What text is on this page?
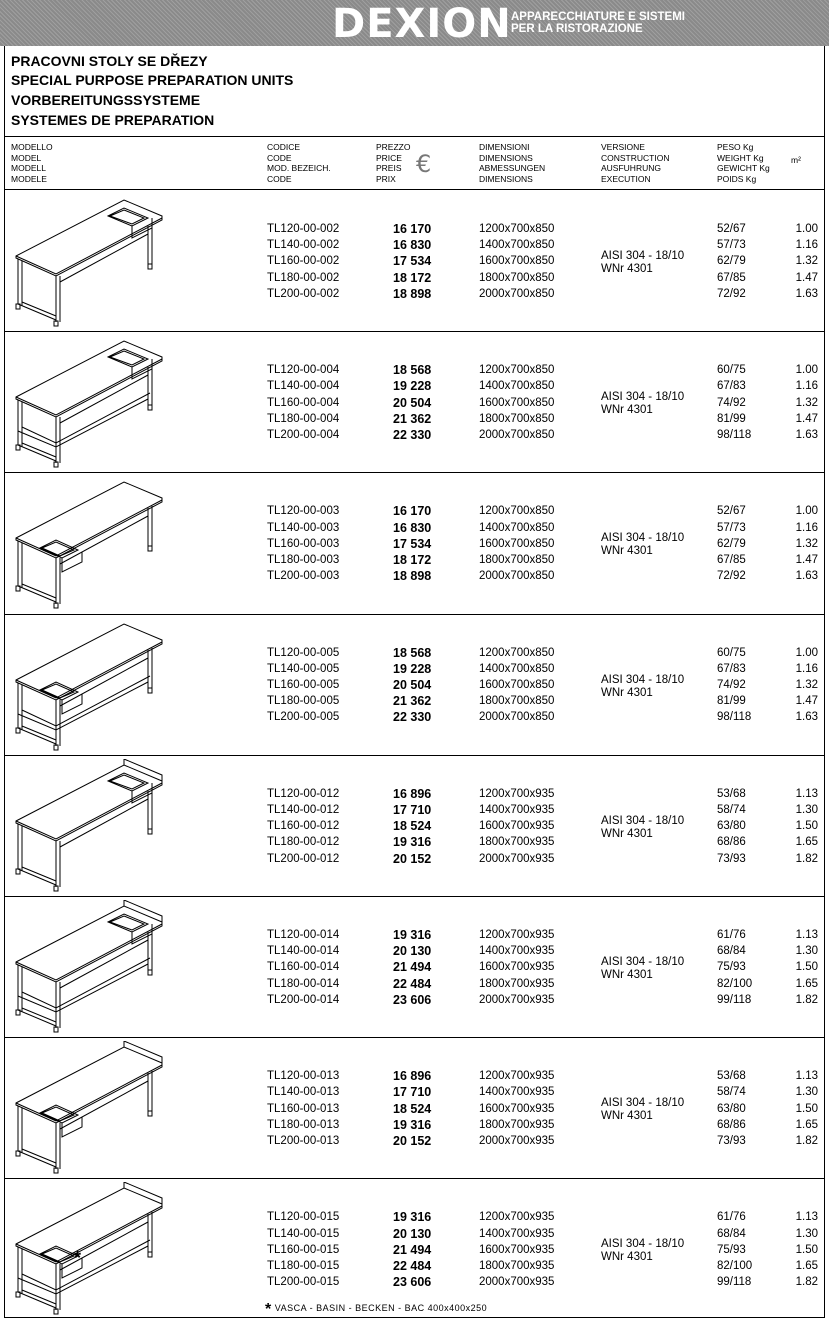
DEXION APPARECCHIATURE E SISTEMI
PER LA RISTORAZIONE
PRACOVNI STOLY SE DŘEZY
SPECIAL PURPOSE PREPARATION UNITS
VORBEREITUNGSSYSTEME
SYSTEMES DE PREPARATION
MODELLO
MODEL
MODELL
MODELE
CODICE
CODE
MOD. BEZEICH.
CODE
PREZZO
PRICE
PREIS
PRIX
€
DIMENSIONI
DIMENSIONS
ABMESSUNGEN
DIMENSIONS
VERSIONE
CONSTRUCTION
AUSFUHRUNG
EXECUTION
PESO Kg
WEIGHT Kg
GEWICHT Kg
POIDS Kg
m²
TL120-00-002
TL140-00-002
TL160-00-002
TL180-00-002
TL200-00-002
16 170
16 830
17 534
18 172
18 898
1200x700x850
1400x700x850
1600x700x850
1800x700x850
2000x700x850
52/67
57/73
62/79
67/85
72/92
1.00
1.16
1.32
1.47
1.63
AISI 304 - 18/10
WNr 4301
TL120-00-004
TL140-00-004
TL160-00-004
TL180-00-004
TL200-00-004
18 568
19 228
20 504
21 362
22 330
1200x700x850
1400x700x850
1600x700x850
1800x700x850
2000x700x850
60/75
67/83
74/92
81/99
98/118
1.00
1.16
1.32
1.47
1.63
AISI 304 - 18/10
WNr 4301
TL120-00-003
TL140-00-003
TL160-00-003
TL180-00-003
TL200-00-003
16 170
16 830
17 534
18 172
18 898
1200x700x850
1400x700x850
1600x700x850
1800x700x850
2000x700x850
52/67
57/73
62/79
67/85
72/92
1.00
1.16
1.32
1.47
1.63
AISI 304 - 18/10
WNr 4301
TL120-00-005
TL140-00-005
TL160-00-005
TL180-00-005
TL200-00-005
18 568
19 228
20 504
21 362
22 330
1200x700x850
1400x700x850
1600x700x850
1800x700x850
2000x700x850
60/75
67/83
74/92
81/99
98/118
1.00
1.16
1.32
1.47
1.63
AISI 304 - 18/10
WNr 4301
TL120-00-012
TL140-00-012
TL160-00-012
TL180-00-012
TL200-00-012
16 896
17 710
18 524
19 316
20 152
1200x700x935
1400x700x935
1600x700x935
1800x700x935
2000x700x935
53/68
58/74
63/80
68/86
73/93
1.13
1.30
1.50
1.65
1.82
AISI 304 - 18/10
WNr 4301
TL120-00-014
TL140-00-014
TL160-00-014
TL180-00-014
TL200-00-014
19 316
20 130
21 494
22 484
23 606
1200x700x935
1400x700x935
1600x700x935
1800x700x935
2000x700x935
61/76
68/84
75/93
82/100
99/118
1.13
1.30
1.50
1.65
1.82
AISI 304 - 18/10
WNr 4301
TL120-00-013
TL140-00-013
TL160-00-013
TL180-00-013
TL200-00-013
16 896
17 710
18 524
19 316
20 152
1200x700x935
1400x700x935
1600x700x935
1800x700x935
2000x700x935
53/68
58/74
63/80
68/86
73/93
1.13
1.30
1.50
1.65
1.82
AISI 304 - 18/10
WNr 4301
*
TL120-00-015
TL140-00-015
TL160-00-015
TL180-00-015
TL200-00-015
19 316
20 130
21 494
22 484
23 606
1200x700x935
1400x700x935
1600x700x935
1800x700x935
2000x700x935
61/76
68/84
75/93
82/100
99/118
1.13
1.30
1.50
1.65
1.82
AISI 304 - 18/10
WNr 4301
* VASCA - BASIN - BECKEN - BAC 400x400x250
